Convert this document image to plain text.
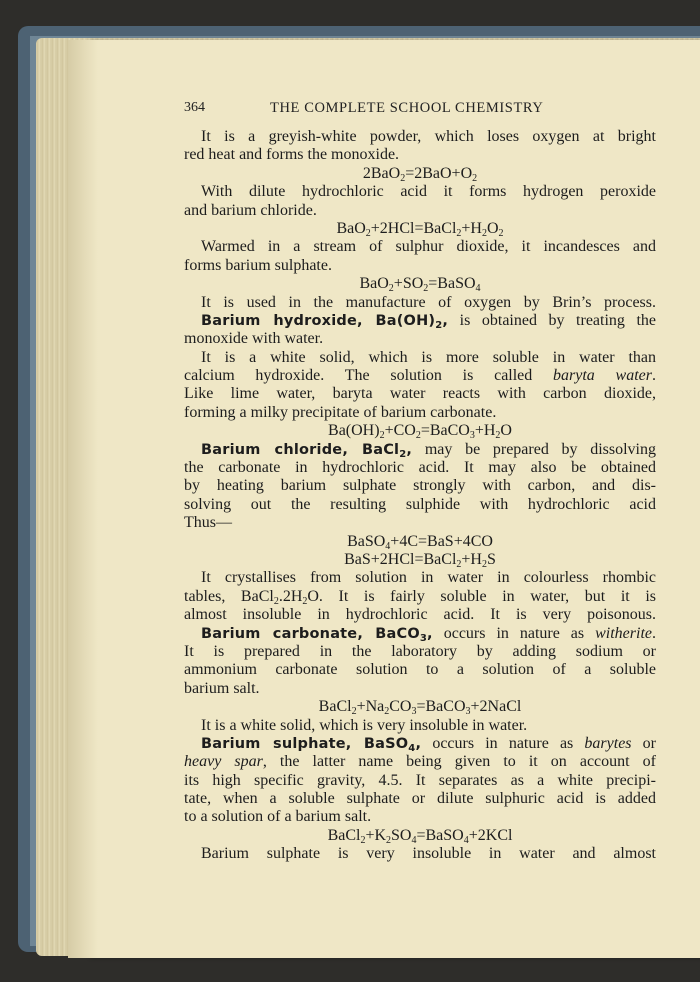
364	THE COMPLETE SCHOOL CHEMISTRY
It is a greyish-white powder, which loses oxygen at bright
red heat and forms the monoxide.
$2BaO_2=2BaO+O_2$
With dilute hydrochloric acid it forms hydrogen peroxide
and barium chloride.
$BaO_2+2HCl=BaCl_2+H_2O_2$
Warmed in a stream of sulphur dioxide, it incandesces and
forms barium sulphate.
$BaO_2+SO_2=BaSO_4$
It is used in the manufacture of oxygen by Brin’s process.
Barium hydroxide, $Ba(OH)_2$, is obtained by treating the
monoxide with water.
It is a white solid, which is more soluble in water than
calcium hydroxide. The solution is called baryta water.
Like lime water, baryta water reacts with carbon dioxide,
forming a milky precipitate of barium carbonate.
$Ba(OH)_2+CO_2=BaCO_3+H_2O$
Barium chloride, BaCl$_2$, may be prepared by dissolving
the carbonate in hydrochloric acid. It may also be obtained
by heating barium sulphate strongly with carbon, and dis-
solving out the resulting sulphide with hydrochloric acid
Thus—
BaSO$_4$+4C=BaS+4CO
$BaS+2HCl=BaCl_2+H_2S$
It crystallises from solution in water in colourless rhombic
tables, $BaCl_2.2H_2O$. It is fairly soluble in water, but it is
almost insoluble in hydrochloric acid. It is very poisonous.
Barium carbonate, BaCO$_3$, occurs in nature as witherite.
It is prepared in the laboratory by adding sodium or
ammonium carbonate solution to a solution of a soluble
barium salt.
$BaCl_2+Na_2CO_3=BaCO_3+2NaCl$
It is a white solid, which is very insoluble in water.
Barium sulphate, BaSO$_4$, occurs in nature as barytes or
heavy spar, the latter name being given to it on account of
its high specific gravity, 4.5. It separates as a white precipi-
tate, when a soluble sulphate or dilute sulphuric acid is added
to a solution of a barium salt.
$BaCl_2+K_2SO_4=BaSO_4+2KCl$
Barium sulphate is very insoluble in water and almost
